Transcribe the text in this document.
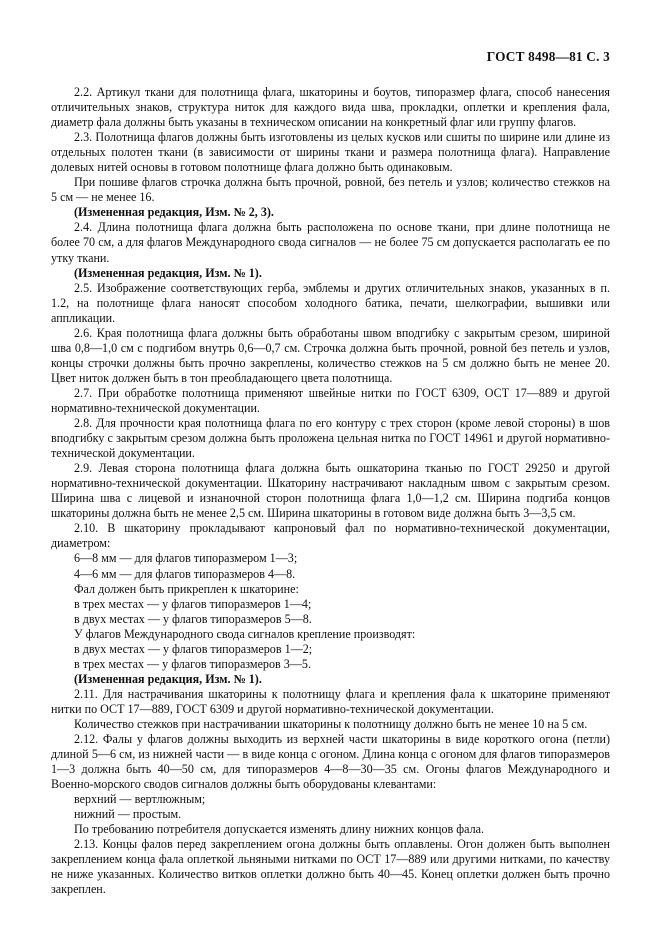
ГОСТ 8498—81 С. 3

2.2. Артикул ткани для полотнища флага, шкаторины и боутов, типоразмер флага, способ нанесения отличительных знаков, структура ниток для каждого вида шва, прокладки, оплетки и крепления фала, диаметр фала должны быть указаны в техническом описании на конкретный флаг или группу флагов.

2.3. Полотнища флагов должны быть изготовлены из целых кусков или сшиты по ширине или длине из отдельных полотен ткани (в зависимости от ширины ткани и размера полотнища флага). Направление долевых нитей основы в готовом полотнище флага должно быть одинаковым.

При пошиве флагов строчка должна быть прочной, ровной, без петель и узлов; количество стежков на 5 см — не менее 16.

(Измененная редакция, Изм. № 2, 3).

2.4. Длина полотнища флага должна быть расположена по основе ткани, при длине полотнища не более 70 см, а для флагов Международного свода сигналов — не более 75 см допускается располагать ее по утку ткани.

(Измененная редакция, Изм. № 1).

2.5. Изображение соответствующих герба, эмблемы и других отличительных знаков, указанных в п. 1.2, на полотнище флага наносят способом холодного батика, печати, шелкографии, вышивки или аппликации.

2.6. Края полотнища флага должны быть обработаны швом вподгибку с закрытым срезом, шириной шва 0,8—1,0 см с подгибом внутрь 0,6—0,7 см. Строчка должна быть прочной, ровной без петель и узлов, концы строчки должны быть прочно закреплены, количество стежков на 5 см должно быть не менее 20. Цвет ниток должен быть в тон преобладающего цвета полотнища.

2.7. При обработке полотнища применяют швейные нитки по ГОСТ 6309, ОСТ 17—889 и другой нормативно-технической документации.

2.8. Для прочности края полотнища флага по его контуру с трех сторон (кроме левой стороны) в шов вподгибку с закрытым срезом должна быть проложена цельная нитка по ГОСТ 14961 и другой нормативно-технической документации.

2.9. Левая сторона полотнища флага должна быть ошкаторина тканью по ГОСТ 29250 и другой нормативно-технической документации. Шкаторину настрачивают накладным швом с закрытым срезом. Ширина шва с лицевой и изнаночной сторон полотнища флага 1,0—1,2 см. Ширина подгиба концов шкаторины должна быть не менее 2,5 см. Ширина шкаторины в готовом виде должна быть 3—3,5 см.

2.10. В шкаторину прокладывают капроновый фал по нормативно-технической документации, диаметром:

6—8 мм — для флагов типоразмером 1—3;

4—6 мм — для флагов типоразмеров 4—8.

Фал должен быть прикреплен к шкаторине:

в трех местах — у флагов типоразмеров 1—4;

в двух местах — у флагов типоразмеров 5—8.

У флагов Международного свода сигналов крепление производят:

в двух местах — у флагов типоразмеров 1—2;

в трех местах — у флагов типоразмеров 3—5.

(Измененная редакция, Изм. № 1).

2.11. Для настрачивания шкаторины к полотнищу флага и крепления фала к шкаторине применяют нитки по ОСТ 17—889, ГОСТ 6309 и другой нормативно-технической документации.

Количество стежков при настрачивании шкаторины к полотнищу должно быть не менее 10 на 5 см.

2.12. Фалы у флагов должны выходить из верхней части шкаторины в виде короткого огона (петли) длиной 5—6 см, из нижней части — в виде конца с огоном. Длина конца с огоном для флагов типоразмеров 1—3 должна быть 40—50 см, для типоразмеров 4—8—30—35 см. Огоны флагов Международного и Военно-морского сводов сигналов должны быть оборудованы клевантами:

верхний — вертлюжным;

нижний — простым.

По требованию потребителя допускается изменять длину нижних концов фала.

2.13. Концы фалов перед закреплением огона должны быть оплавлены. Огон должен быть выполнен закреплением конца фала оплеткой льняными нитками по ОСТ 17—889 или другими нитками, по качеству не ниже указанных. Количество витков оплетки должно быть 40—45. Конец оплетки должен быть прочно закреплен.
